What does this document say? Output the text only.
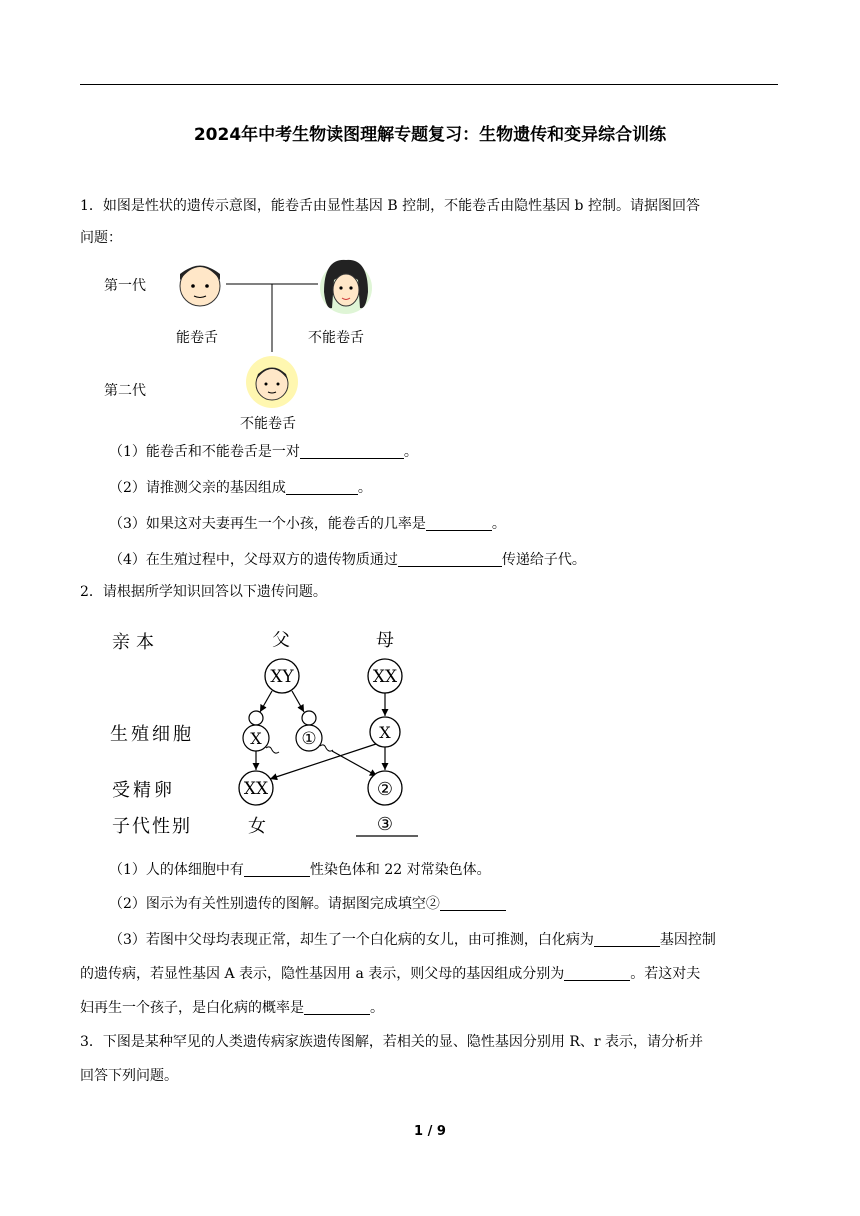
2024年中考生物读图理解专题复习：生物遗传和变异综合训练
1．如图是性状的遗传示意图，能卷舌由显性基因 B 控制，不能卷舌由隐性基因 b 控制。请据图回答
问题：
第一代
第二代
能卷舌	不能卷舌
不能卷舌
（1）能卷舌和不能卷舌是一对	。
（2）请推测父亲的基因组成	。
（3）如果这对夫妻再生一个小孩，能卷舌的几率是	。
（4）在生殖过程中，父母双方的遗传物质通过	传递给子代。
2．请根据所学知识回答以下遗传问题。
亲本
生殖细胞
受精卵
子代性别
父	母
XY	XX
X ①	X
XX	②
女	③
（1）人的体细胞中有	性染色体和 22 对常染色体。
（2）图示为有关性别遗传的图解。请据图完成填空②
（3）若图中父母均表现正常，却生了一个白化病的女儿，由可推测，白化病为	基因控制
的遗传病，若显性基因 A 表示，隐性基因用 a 表示，则父母的基因组成分别为	。若这对夫
妇再生一个孩子，是白化病的概率是	。
3．下图是某种罕见的人类遗传病家族遗传图解，若相关的显、隐性基因分别用 R、r 表示，请分析并
回答下列问题。
1 / 9
